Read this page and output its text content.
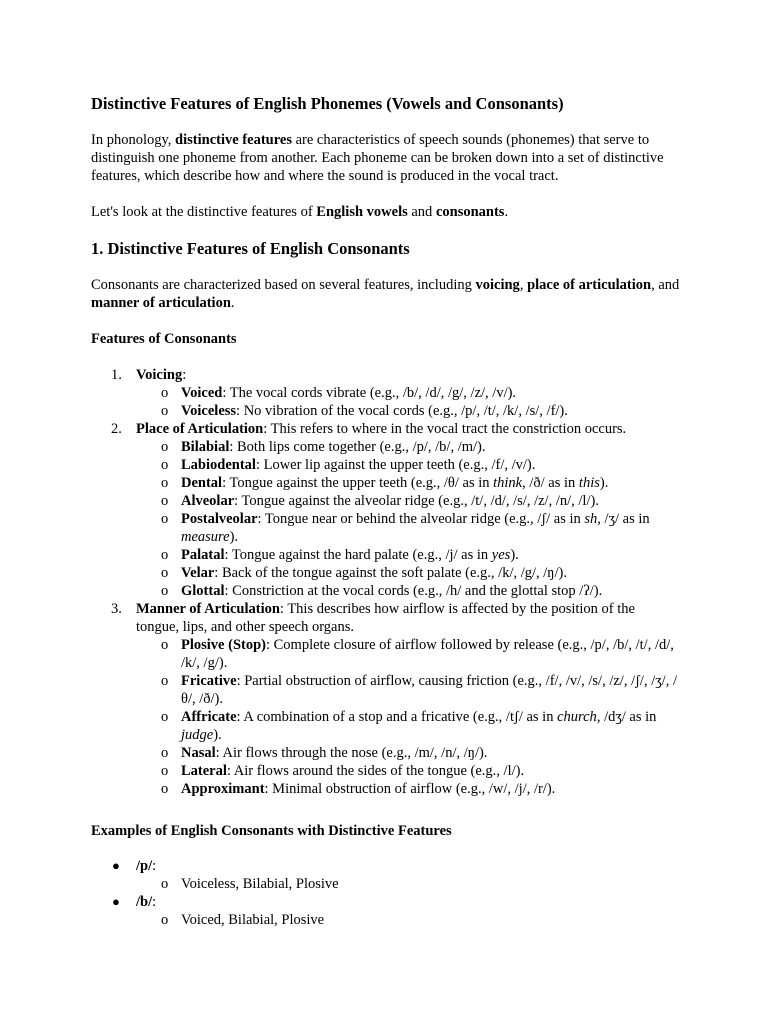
Distinctive Features of English Phonemes (Vowels and Consonants)

In phonology, distinctive features are characteristics of speech sounds (phonemes) that serve to distinguish one phoneme from another. Each phoneme can be broken down into a set of distinctive features, which describe how and where the sound is produced in the vocal tract.

Let's look at the distinctive features of English vowels and consonants.

1. Distinctive Features of English Consonants

Consonants are characterized based on several features, including voicing, place of articulation, and manner of articulation.

Features of Consonants

1. Voicing:
o Voiced: The vocal cords vibrate (e.g., /b/, /d/, /g/, /z/, /v/).
o Voiceless: No vibration of the vocal cords (e.g., /p/, /t/, /k/, /s/, /f/).
2. Place of Articulation: This refers to where in the vocal tract the constriction occurs.
o Bilabial: Both lips come together (e.g., /p/, /b/, /m/).
o Labiodental: Lower lip against the upper teeth (e.g., /f/, /v/).
o Dental: Tongue against the upper teeth (e.g., /θ/ as in think, /ð/ as in this).
o Alveolar: Tongue against the alveolar ridge (e.g., /t/, /d/, /s/, /z/, /n/, /l/).
o Postalveolar: Tongue near or behind the alveolar ridge (e.g., /ʃ/ as in sh, /ʒ/ as in measure).
o Palatal: Tongue against the hard palate (e.g., /j/ as in yes).
o Velar: Back of the tongue against the soft palate (e.g., /k/, /g/, /ŋ/).
o Glottal: Constriction at the vocal cords (e.g., /h/ and the glottal stop /ʔ/).
3. Manner of Articulation: This describes how airflow is affected by the position of the tongue, lips, and other speech organs.
o Plosive (Stop): Complete closure of airflow followed by release (e.g., /p/, /b/, /t/, /d/, /k/, /g/).
o Fricative: Partial obstruction of airflow, causing friction (e.g., /f/, /v/, /s/, /z/, /ʃ/, /ʒ/, /θ/, /ð/).
o Affricate: A combination of a stop and a fricative (e.g., /tʃ/ as in church, /dʒ/ as in judge).
o Nasal: Air flows through the nose (e.g., /m/, /n/, /ŋ/).
o Lateral: Air flows around the sides of the tongue (e.g., /l/).
o Approximant: Minimal obstruction of airflow (e.g., /w/, /j/, /r/).

Examples of English Consonants with Distinctive Features

● /p/:
o Voiceless, Bilabial, Plosive
● /b/:
o Voiced, Bilabial, Plosive
